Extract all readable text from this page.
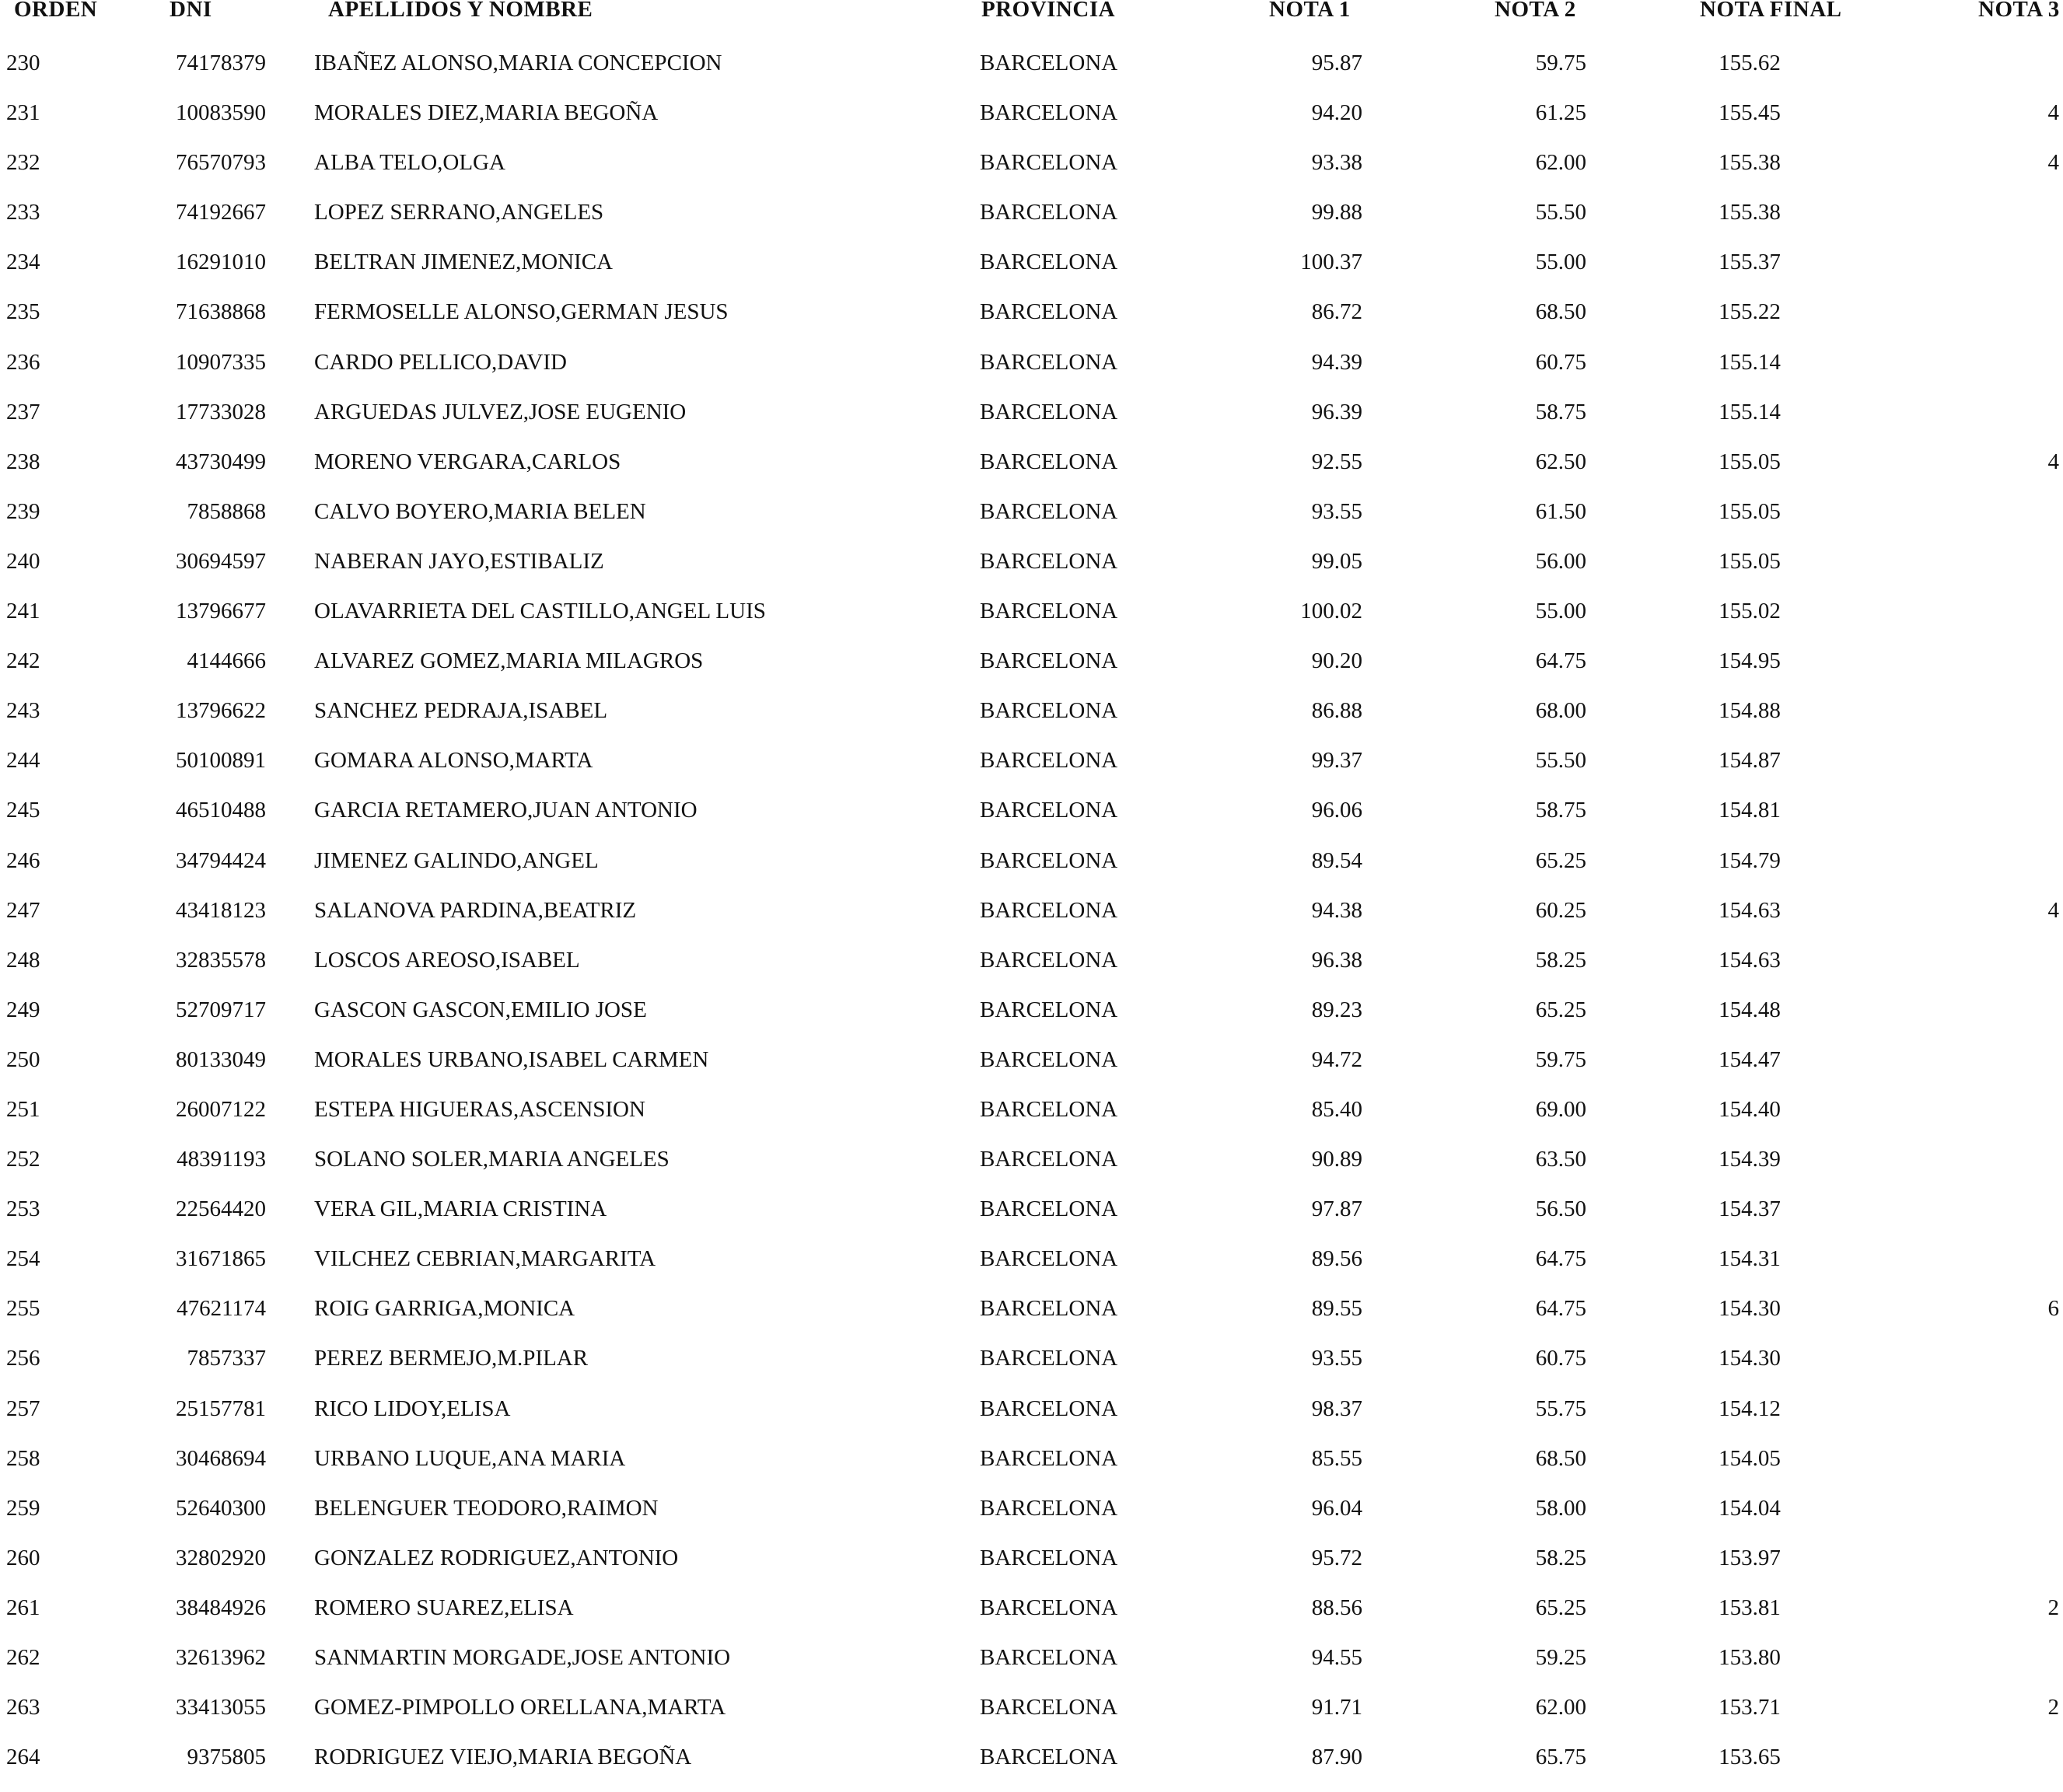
ORDEN	DNI	APELLIDOS Y NOMBRE	PROVINCIA	NOTA 1	NOTA 2	NOTA FINAL	NOTA 3
230	74178379 IBAÑEZ ALONSO,MARIA CONCEPCION	BARCELONA	95.87	59.75	155.62
231	10083590 MORALES DIEZ,MARIA BEGOÑA	BARCELONA	94.20	61.25	155.45	4
232	76570793 ALBA TELO,OLGA	BARCELONA	93.38	62.00	155.38	4
233	74192667 LOPEZ SERRANO,ANGELES	BARCELONA	99.88	55.50	155.38
234	16291010 BELTRAN JIMENEZ,MONICA	BARCELONA	100.37	55.00	155.37
235	71638868 FERMOSELLE ALONSO,GERMAN JESUS	BARCELONA	86.72	68.50	155.22
236	10907335 CARDO PELLICO,DAVID	BARCELONA	94.39	60.75	155.14
237	17733028 ARGUEDAS JULVEZ,JOSE EUGENIO	BARCELONA	96.39	58.75	155.14
238	43730499 MORENO VERGARA,CARLOS	BARCELONA	92.55	62.50	155.05	4
239	7858868 CALVO BOYERO,MARIA BELEN	BARCELONA	93.55	61.50	155.05
240	30694597 NABERAN JAYO,ESTIBALIZ	BARCELONA	99.05	56.00	155.05
241	13796677 OLAVARRIETA DEL CASTILLO,ANGEL LUIS	BARCELONA	100.02	55.00	155.02
242	4144666 ALVAREZ GOMEZ,MARIA MILAGROS	BARCELONA	90.20	64.75	154.95
243	13796622 SANCHEZ PEDRAJA,ISABEL	BARCELONA	86.88	68.00	154.88
244	50100891 GOMARA ALONSO,MARTA	BARCELONA	99.37	55.50	154.87
245	46510488 GARCIA RETAMERO,JUAN ANTONIO	BARCELONA	96.06	58.75	154.81
246	34794424 JIMENEZ GALINDO,ANGEL	BARCELONA	89.54	65.25	154.79
247	43418123 SALANOVA PARDINA,BEATRIZ	BARCELONA	94.38	60.25	154.63	4
248	32835578 LOSCOS AREOSO,ISABEL	BARCELONA	96.38	58.25	154.63
249	52709717 GASCON GASCON,EMILIO JOSE	BARCELONA	89.23	65.25	154.48
250	80133049 MORALES URBANO,ISABEL CARMEN	BARCELONA	94.72	59.75	154.47
251	26007122 ESTEPA HIGUERAS,ASCENSION	BARCELONA	85.40	69.00	154.40
252	48391193 SOLANO SOLER,MARIA ANGELES	BARCELONA	90.89	63.50	154.39
253	22564420 VERA GIL,MARIA CRISTINA	BARCELONA	97.87	56.50	154.37
254	31671865 VILCHEZ CEBRIAN,MARGARITA	BARCELONA	89.56	64.75	154.31
255	47621174 ROIG GARRIGA,MONICA	BARCELONA	89.55	64.75	154.30	6
256	7857337 PEREZ BERMEJO,M.PILAR	BARCELONA	93.55	60.75	154.30
257	25157781 RICO LIDOY,ELISA	BARCELONA	98.37	55.75	154.12
258	30468694 URBANO LUQUE,ANA MARIA	BARCELONA	85.55	68.50	154.05
259	52640300 BELENGUER TEODORO,RAIMON	BARCELONA	96.04	58.00	154.04
260	32802920 GONZALEZ RODRIGUEZ,ANTONIO	BARCELONA	95.72	58.25	153.97
261	38484926 ROMERO SUAREZ,ELISA	BARCELONA	88.56	65.25	153.81	2
262	32613962 SANMARTIN MORGADE,JOSE ANTONIO	BARCELONA	94.55	59.25	153.80
263	33413055 GOMEZ-PIMPOLLO ORELLANA,MARTA	BARCELONA	91.71	62.00	153.71	2
264	9375805 RODRIGUEZ VIEJO,MARIA BEGOÑA	BARCELONA	87.90	65.75	153.65
